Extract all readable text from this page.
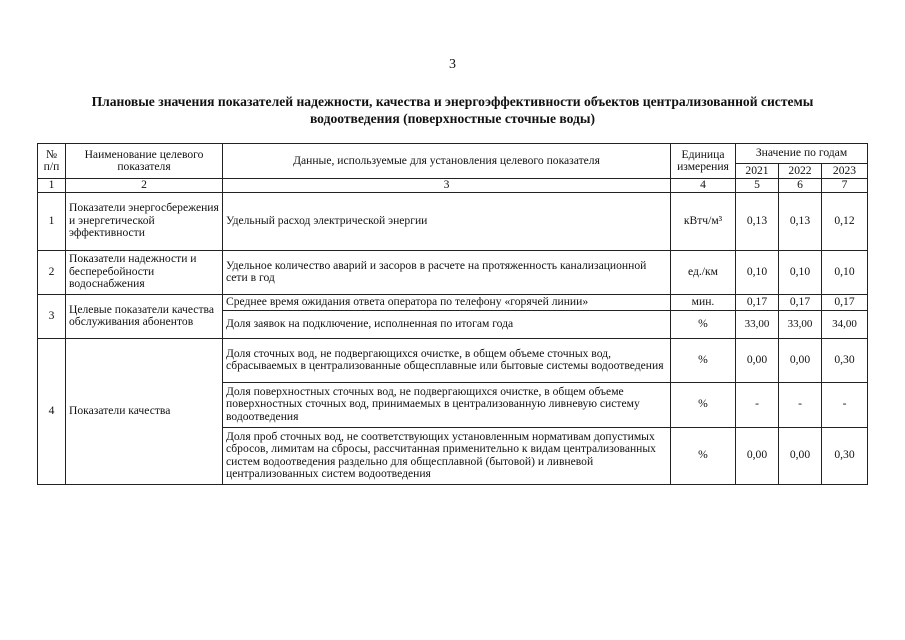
3
Плановые значения показателей надежности, качества и энергоэффективности объектов централизованной системы
водоотведения (поверхностные сточные воды)
№ п/п	Наименование целевого показателя	Данные, используемые для установления целевого показателя	Единица измерения	Значение по годам		
				2021	2022	2023
1	2	3	4	5	6	7
1	Показатели энергосбережения и энергетической эффективности	Удельный расход электрической энергии	кВтч/м³	0,13	0,13	0,12
2	Показатели надежности и бесперебойности водоснабжения	Удельное количество аварий и засоров в расчете на протяженность канализационной сети в год	ед./км	0,10	0,10	0,10
3	Целевые показатели качества обслуживания абонентов	Среднее время ожидания ответа оператора по телефону «горячей линии»	мин.	0,17	0,17	0,17
		Доля заявок на подключение, исполненная по итогам года	%	33,00	33,00	34,00
4	Показатели качества	Доля сточных вод, не подвергающихся очистке, в общем объеме сточных вод, сбрасываемых в централизованные общесплавные или бытовые системы водоотведения	%	0,00	0,00	0,30
		Доля поверхностных сточных вод, не подвергающихся очистке, в общем объеме поверхностных сточных вод, принимаемых в централизованную ливневую систему водоотведения	%	-	-	-
		Доля проб сточных вод, не соответствующих установленным нормативам допустимых сбросов, лимитам на сбросы, рассчитанная применительно к видам централизованных систем водоотведения раздельно для общесплавной (бытовой) и ливневой централизованных систем водоотведения	%	0,00	0,00	0,30
